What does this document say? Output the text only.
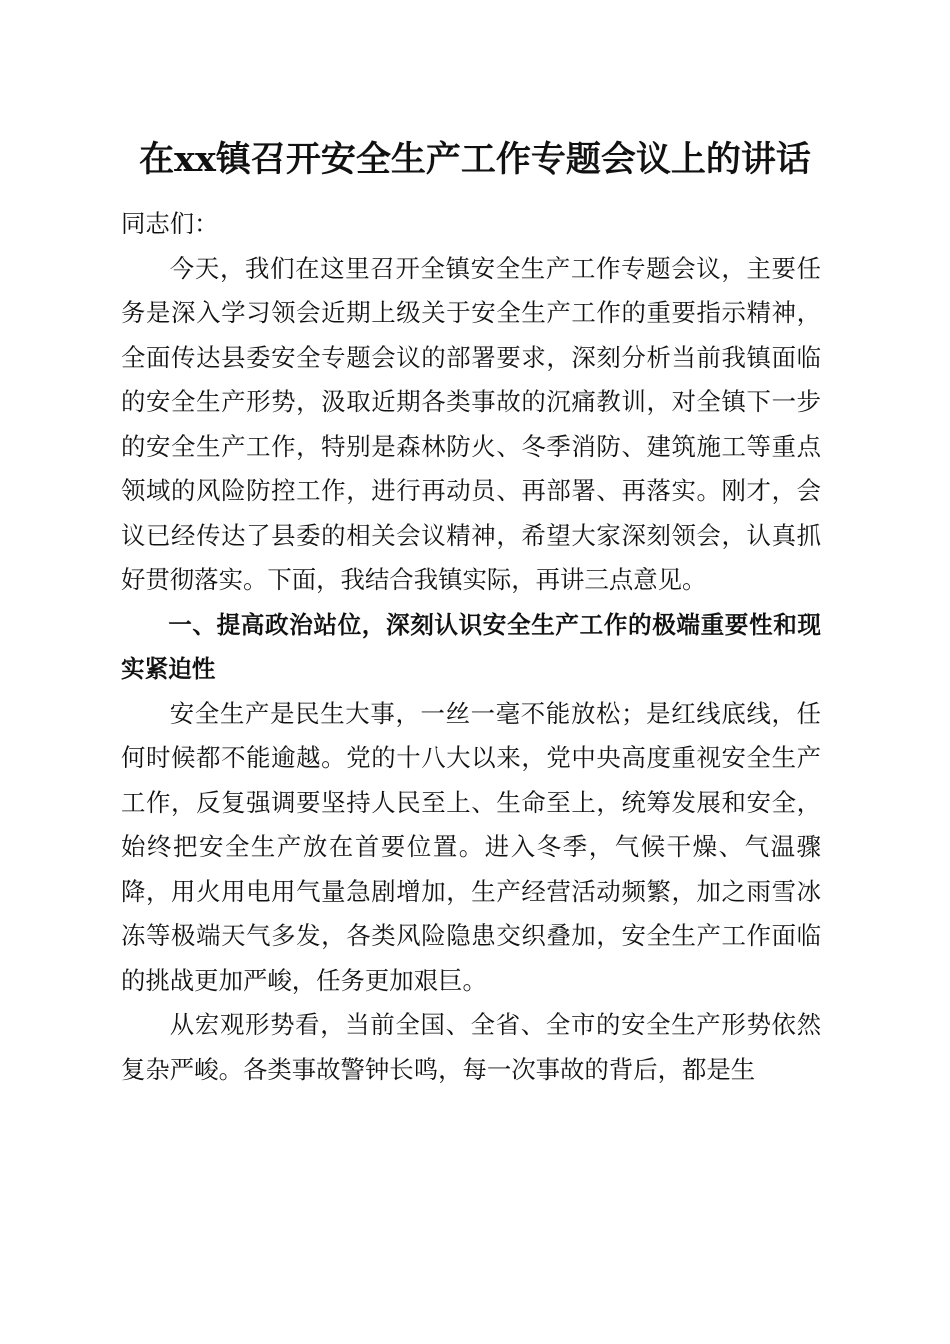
在xx镇召开安全生产工作专题会议上的讲话

同志们：

今天，我们在这里召开全镇安全生产工作专题会议，主要任务是深入学习领会近期上级关于安全生产工作的重要指示精神，全面传达县委安全专题会议的部署要求，深刻分析当前我镇面临的安全生产形势，汲取近期各类事故的沉痛教训，对全镇下一步的安全生产工作，特别是森林防火、冬季消防、建筑施工等重点领域的风险防控工作，进行再动员、再部署、再落实。刚才，会议已经传达了县委的相关会议精神，希望大家深刻领会，认真抓好贯彻落实。下面，我结合我镇实际，再讲三点意见。

一、提高政治站位，深刻认识安全生产工作的极端重要性和现实紧迫性

安全生产是民生大事，一丝一毫不能放松；是红线底线，任何时候都不能逾越。党的十八大以来，党中央高度重视安全生产工作，反复强调要坚持人民至上、生命至上，统筹发展和安全，始终把安全生产放在首要位置。进入冬季，气候干燥、气温骤降，用火用电用气量急剧增加，生产经营活动频繁，加之雨雪冰冻等极端天气多发，各类风险隐患交织叠加，安全生产工作面临的挑战更加严峻，任务更加艰巨。

从宏观形势看，当前全国、全省、全市的安全生产形势依然复杂严峻。各类事故警钟长鸣，每一次事故的背后，都是生
